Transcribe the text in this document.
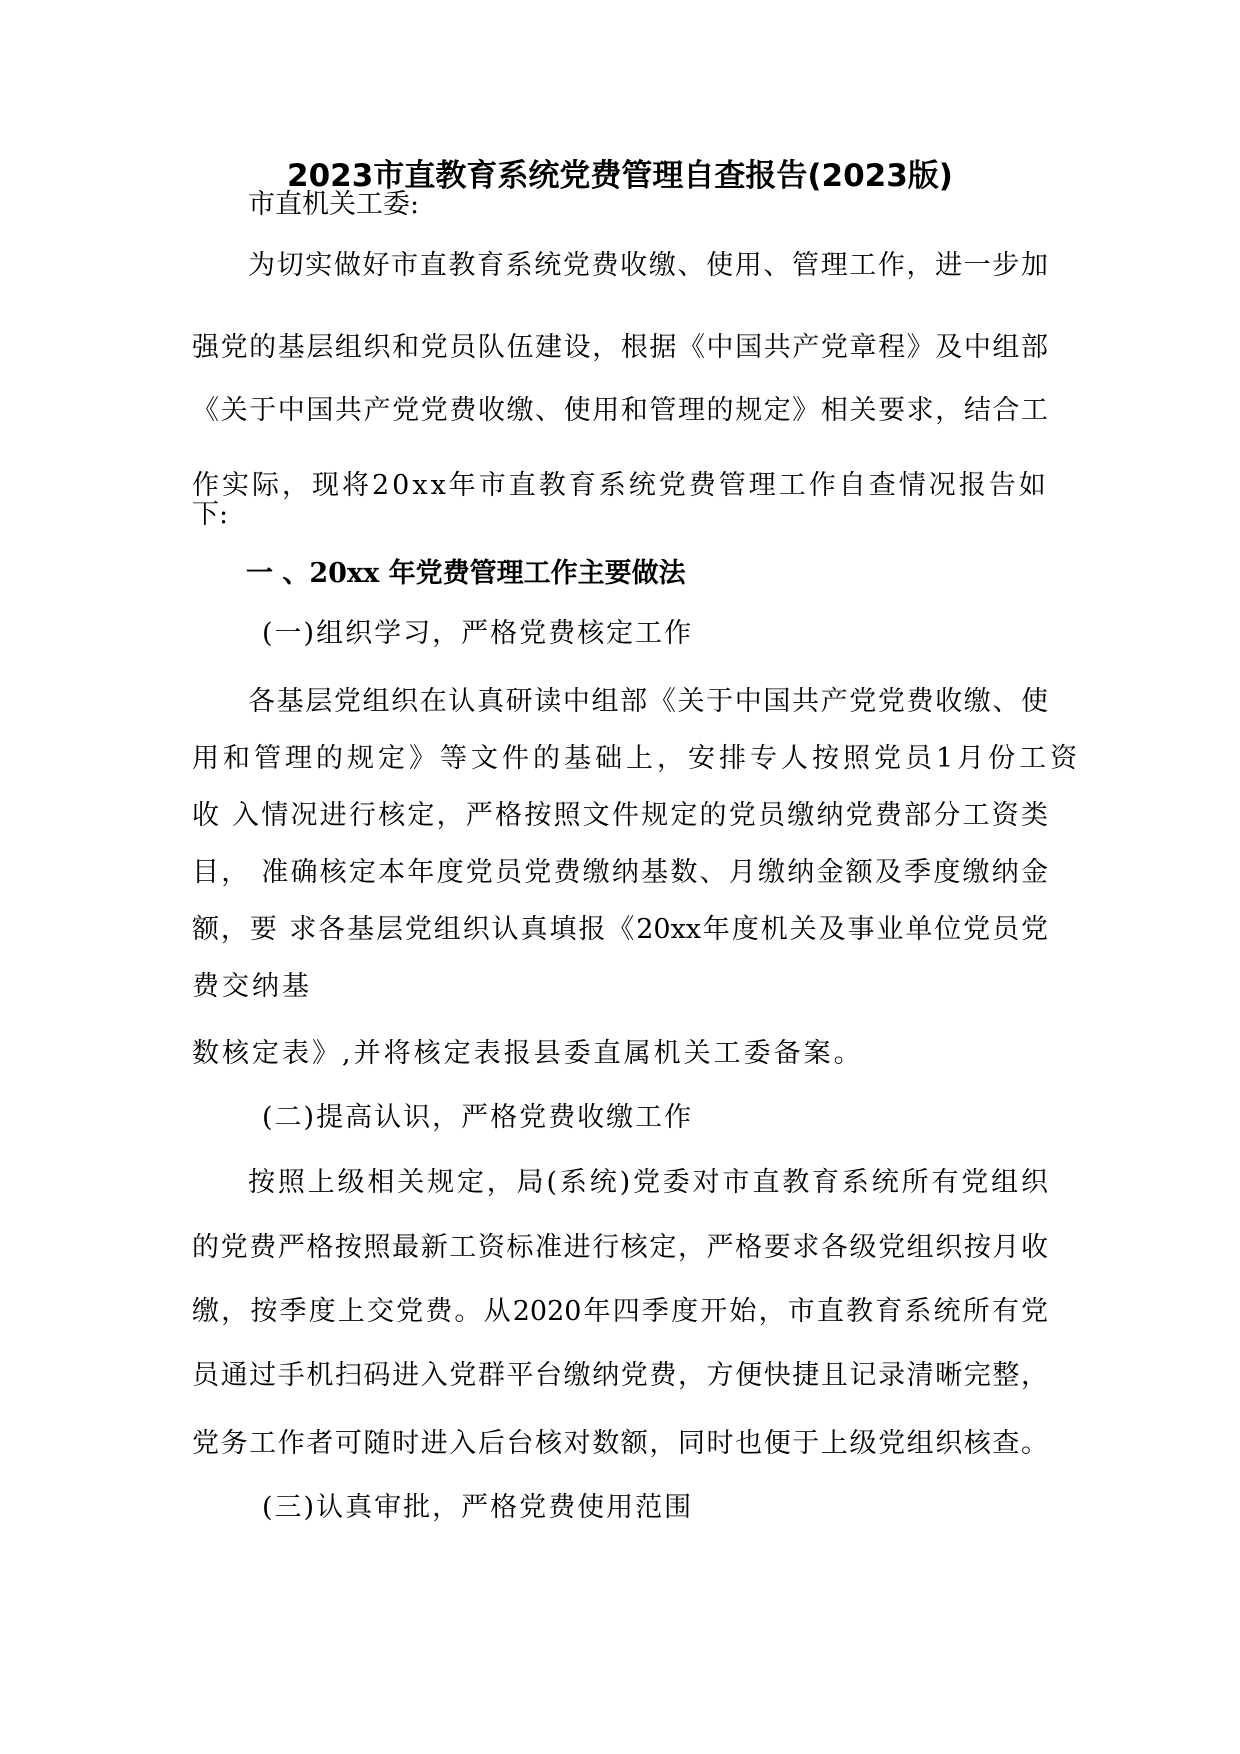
2023市直教育系统党费管理自查报告(2023版)

市直机关工委:

为切实做好市直教育系统党费收缴、使用、管理工作，进一步加

强党的基层组织和党员队伍建设，根据《中国共产党章程》及中组部

《关于中国共产党党费收缴、使用和管理的规定》相关要求，结合工

作实际，现将20xx年市直教育系统党费管理工作自查情况报告如

下:

一 、20xx 年党费管理工作主要做法

(一)组织学习，严格党费核定工作

各基层党组织在认真研读中组部《关于中国共产党党费收缴、使

用和管理的规定》等文件的基础上，安排专人按照党员1月份工资

收 入情况进行核定，严格按照文件规定的党员缴纳党费部分工资类

目， 准确核定本年度党员党费缴纳基数、月缴纳金额及季度缴纳金

额，要 求各基层党组织认真填报《20xx年度机关及事业单位党员党

费交纳基

数核定表》,并将核定表报县委直属机关工委备案。

(二)提高认识，严格党费收缴工作

按照上级相关规定，局(系统)党委对市直教育系统所有党组织

的党费严格按照最新工资标准进行核定，严格要求各级党组织按月收

缴，按季度上交党费。从2020年四季度开始，市直教育系统所有党

员通过手机扫码进入党群平台缴纳党费，方便快捷且记录清晰完整，

党务工作者可随时进入后台核对数额，同时也便于上级党组织核查。

(三)认真审批，严格党费使用范围
